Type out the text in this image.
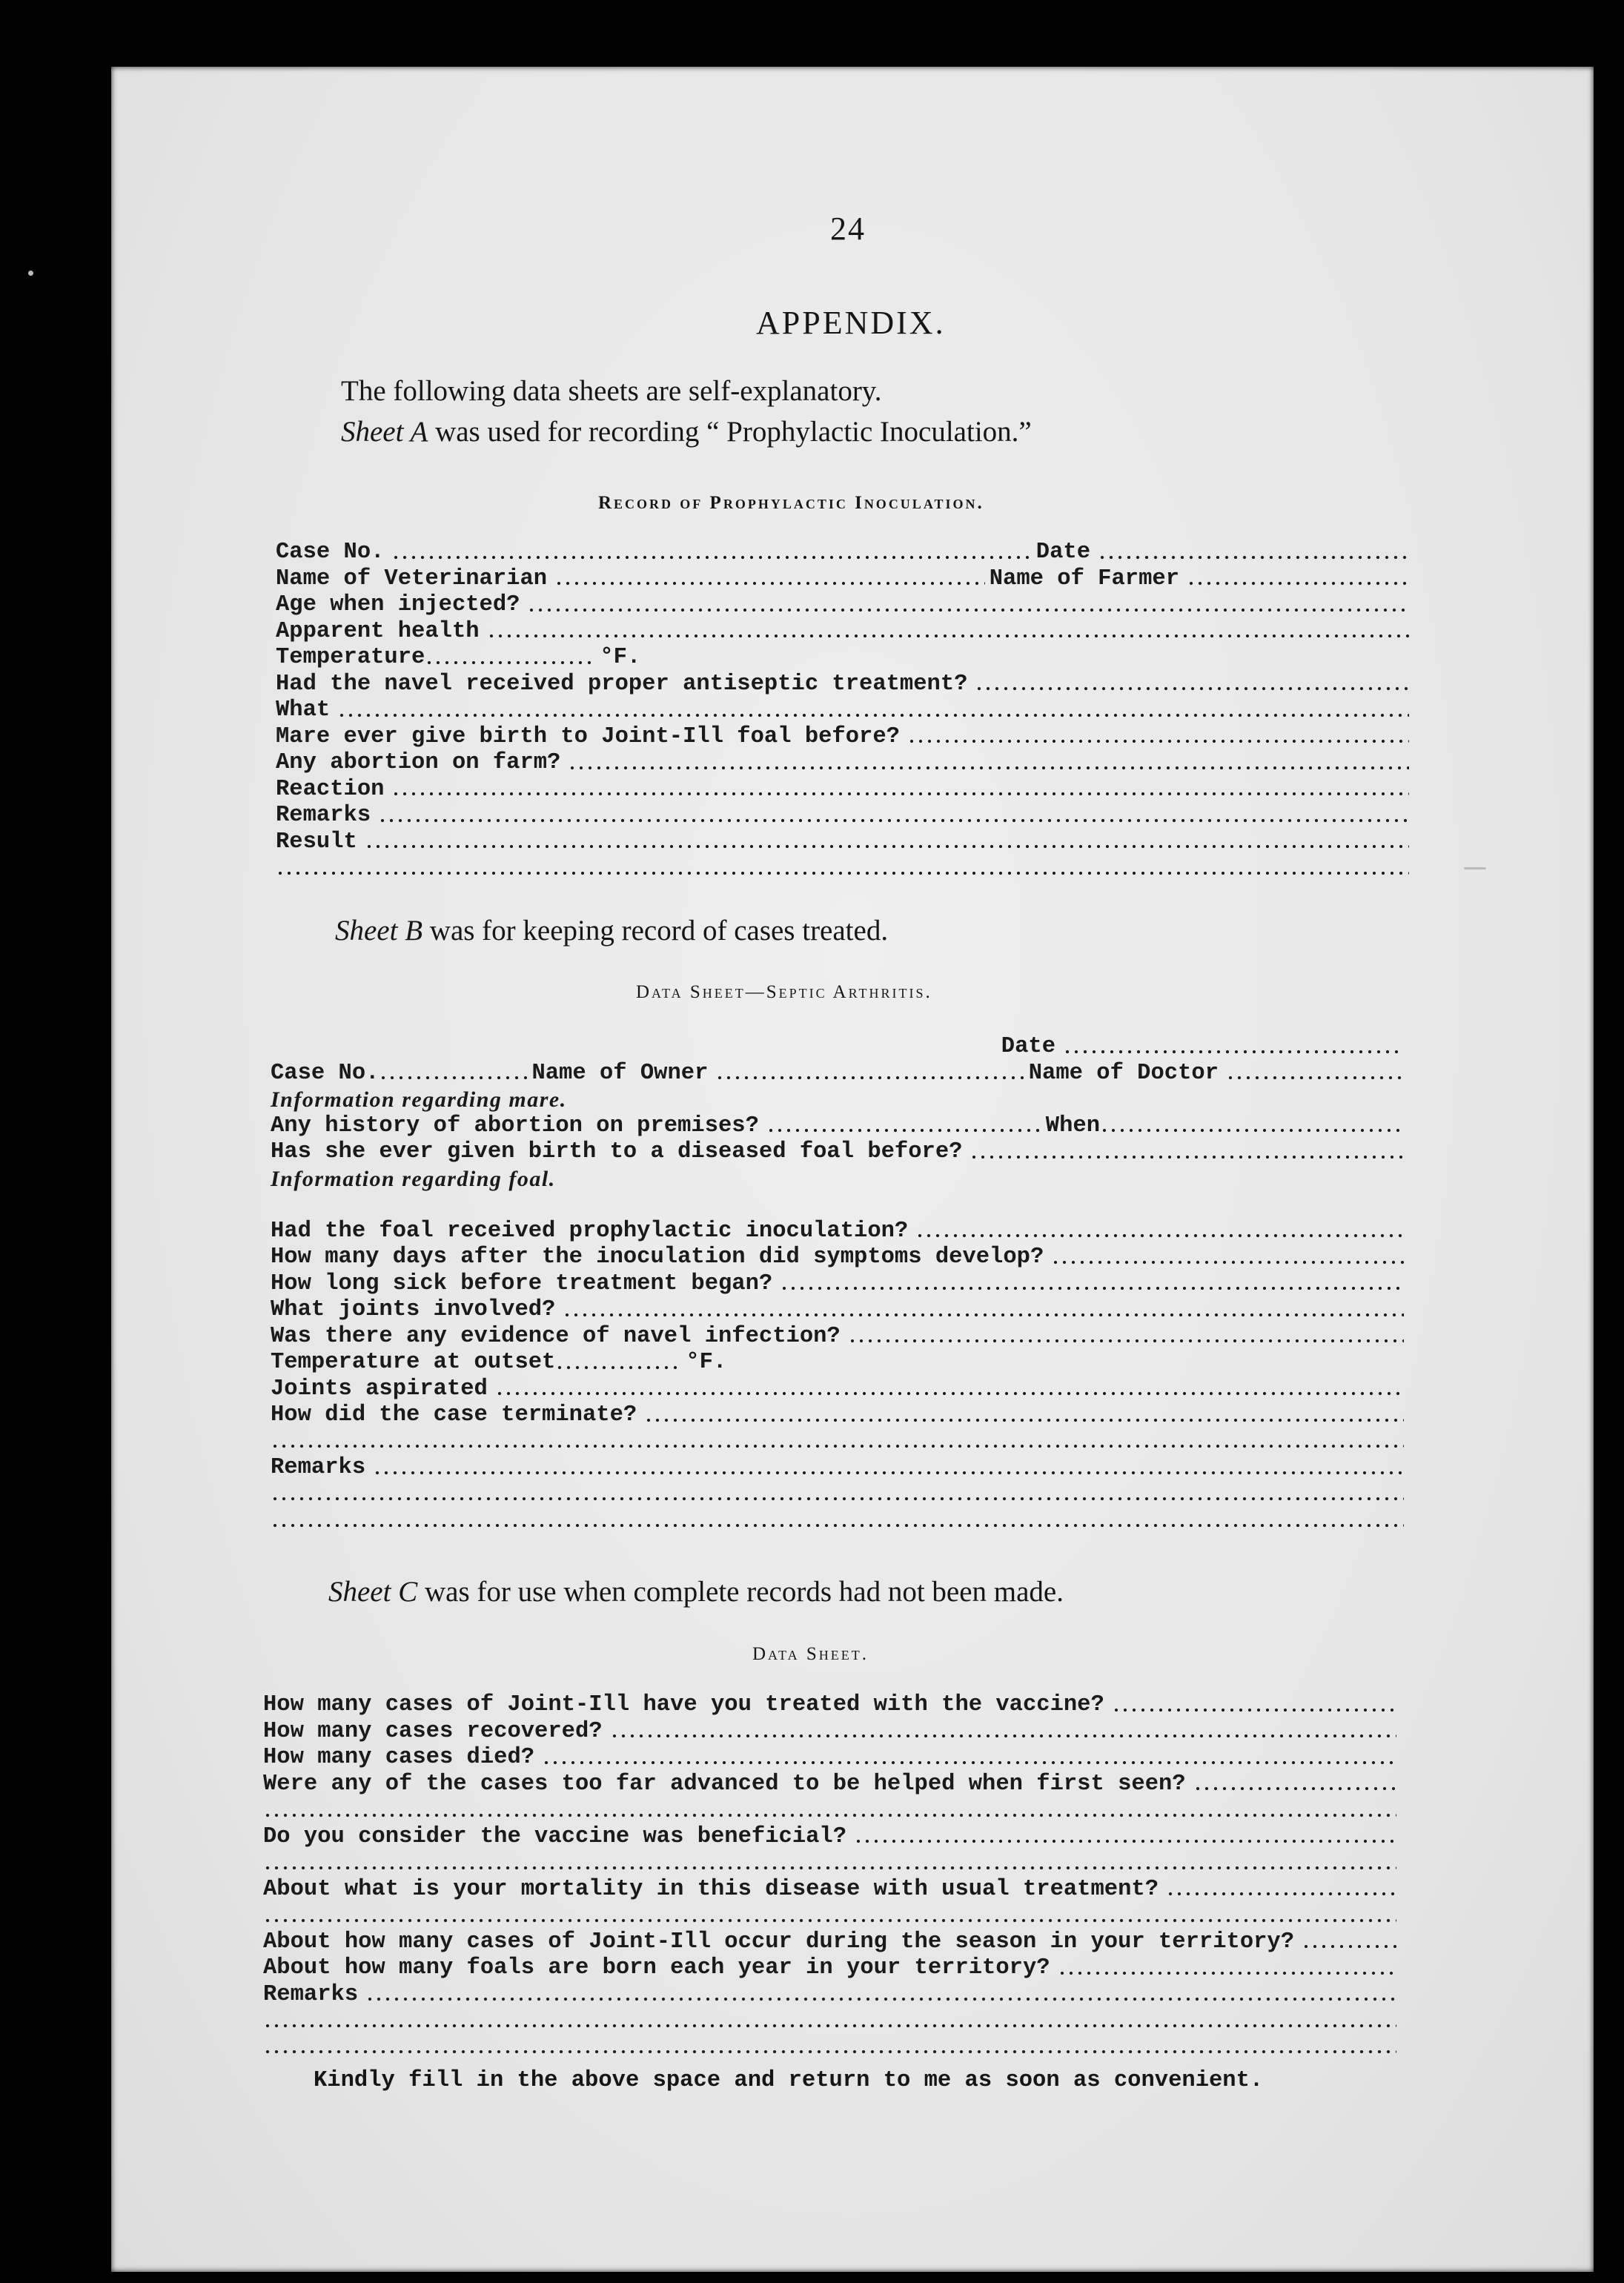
24
APPENDIX.
The following data sheets are self-explanatory.
Sheet A was used for recording “ Prophylactic Inoculation.”
Record of Prophylactic Inoculation.
Case No.	Date
Name of Veterinarian	Name of Farmer
Age when injected?
Apparent health
Temperature	°F.
Had the navel received proper antiseptic treatment?
What
Mare ever give birth to Joint-Ill foal before?
Any abortion on farm?
Reaction
Remarks
Result
Sheet B was for keeping record of cases treated.
Data Sheet—Septic Arthritis.
Date
Case No.	Name of Owner	Name of Doctor
Information regarding mare.
Any history of abortion on premises?	When
Has she ever given birth to a diseased foal before?
Information regarding foal.
Had the foal received prophylactic inoculation?
How many days after the inoculation did symptoms develop?
How long sick before treatment began?
What joints involved?
Was there any evidence of navel infection?
Temperature at outset	°F.
Joints aspirated
How did the case terminate?
Remarks
Sheet C was for use when complete records had not been made.
Data Sheet.
How many cases of Joint-Ill have you treated with the vaccine?
How many cases recovered?
How many cases died?
Were any of the cases too far advanced to be helped when first seen?
Do you consider the vaccine was beneficial?
About what is your mortality in this disease with usual treatment?
About how many cases of Joint-Ill occur during the season in your territory?
About how many foals are born each year in your territory?
Remarks
Kindly fill in the above space and return to me as soon as convenient.
